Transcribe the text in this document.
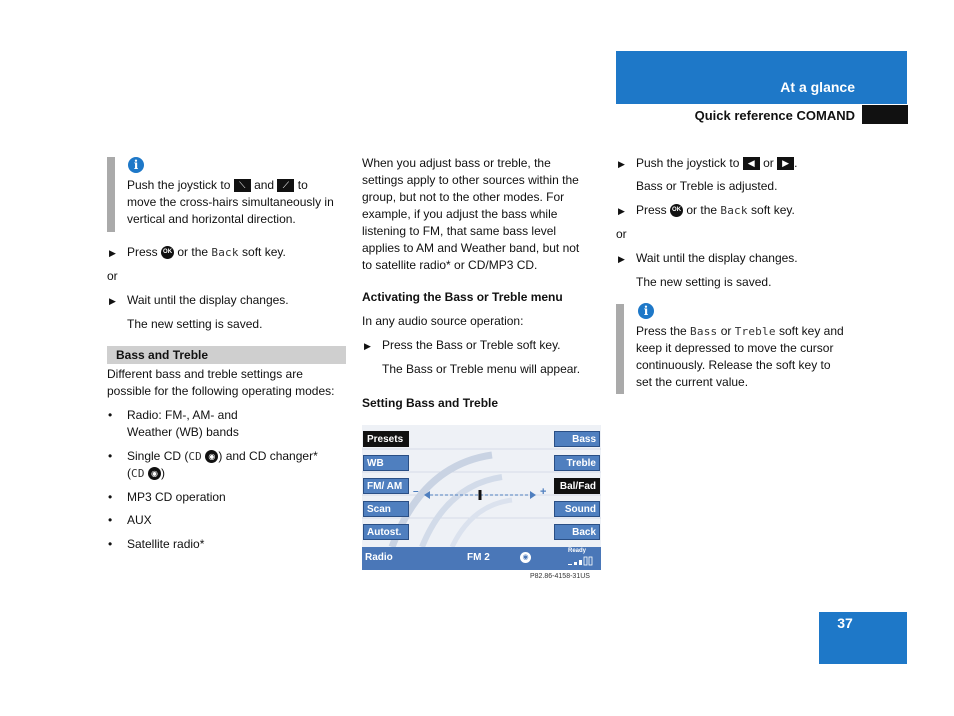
At a glance
Quick reference COMAND
i
Push the joystick to ⟍ and ⟋ to
move the cross-hairs simultaneously in
vertical and horizontal direction.
▶ Press OK or the Back soft key.
or
▶ Wait until the display changes.
The new setting is saved.
Bass and Treble
Different bass and treble settings are
possible for the following operating modes:
• Radio: FM-, AM- and
Weather (WB) bands
• Single CD (CD ◉ ) and CD changer*
(CD ◉ )
• MP3 CD operation
• AUX
• Satellite radio*
When you adjust bass or treble, the
settings apply to other sources within the
group, but not to the other modes. For
example, if you adjust the bass while
listening to FM, that same bass level
applies to AM and Weather band, but not
to satellite radio* or CD/MP3 CD.
Activating the Bass or Treble menu
In any audio source operation:
▶ Press the Bass or Treble soft key.
The Bass or Treble menu will appear.
Setting Bass and Treble
Presets
WB
FM/ AM
Scan
Autost.
Bass
Treble
Bal/Fad
Sound
Back
–	+
Radio	FM 2	◉
Ready
P82.86-4158-31US
▶ Push the joystick to ◀ or ▶ .
Bass or Treble is adjusted.
▶ Press OK or the Back soft key.
or
▶ Wait until the display changes.
The new setting is saved.
i
Press the Bass or Treble soft key and
keep it depressed to move the cursor
continuously. Release the soft key to
set the current value.
37
